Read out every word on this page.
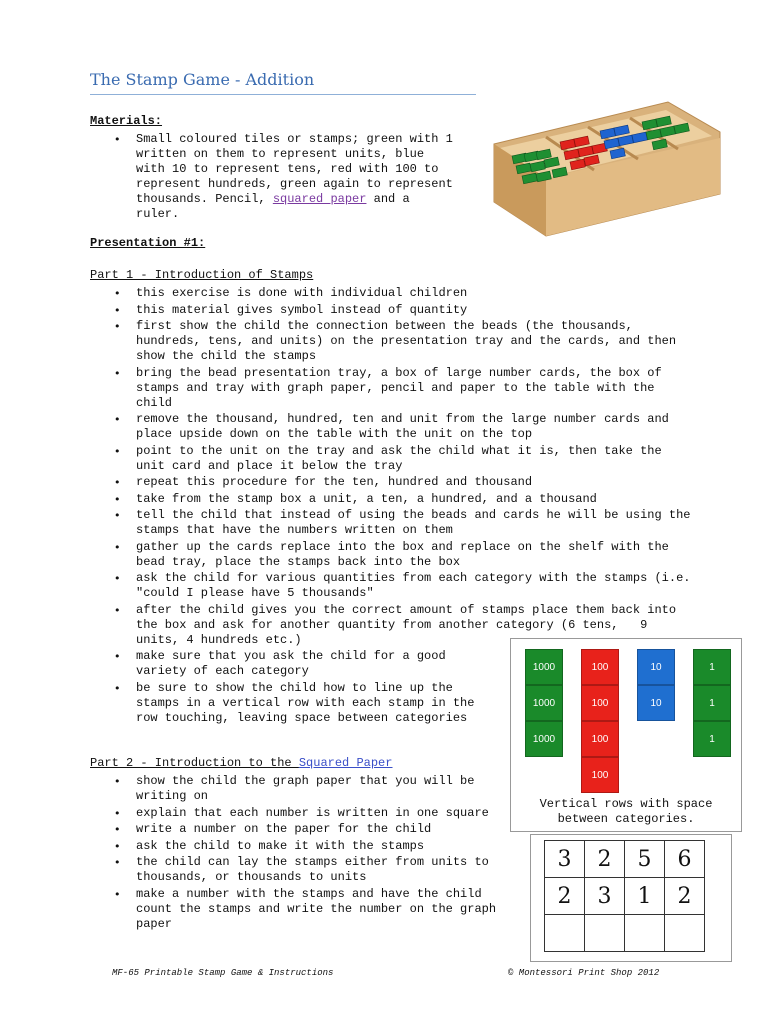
The Stamp Game - Addition
Materials:
• Small coloured tiles or stamps; green with 1
written on them to represent units, blue
with 10 to represent tens, red with 100 to
represent hundreds, green again to represent
thousands. Pencil, squared paper and a
ruler.
Presentation #1:
Part 1 - Introduction of Stamps
• this exercise is done with individual children
• this material gives symbol instead of quantity
• first show the child the connection between the beads (the thousands,
hundreds, tens, and units) on the presentation tray and the cards, and then
show the child the stamps
• bring the bead presentation tray, a box of large number cards, the box of
stamps and tray with graph paper, pencil and paper to the table with the
child
• remove the thousand, hundred, ten and unit from the large number cards and
place upside down on the table with the unit on the top
• point to the unit on the tray and ask the child what it is, then take the
unit card and place it below the tray
• repeat this procedure for the ten, hundred and thousand
• take from the stamp box a unit, a ten, a hundred, and a thousand
• tell the child that instead of using the beads and cards he will be using the
stamps that have the numbers written on them
• gather up the cards replace into the box and replace on the shelf with the
bead tray, place the stamps back into the box
• ask the child for various quantities from each category with the stamps (i.e.
"could I please have 5 thousands"
• after the child gives you the correct amount of stamps place them back into
the box and ask for another quantity from another category (6 tens,   9
units, 4 hundreds etc.)
• make sure that you ask the child for a good
variety of each category
• be sure to show the child how to line up the
stamps in a vertical row with each stamp in the
row touching, leaving space between categories
Part 2 - Introduction to the Squared Paper
• show the child the graph paper that you will be
writing on
• explain that each number is written in one square
• write a number on the paper for the child
• ask the child to make it with the stamps
• the child can lay the stamps either from units to
thousands, or thousands to units
• make a number with the stamps and have the child
count the stamps and write the number on the graph
paper
1000
1000
1000
100
100
100
100
10
10
1
1
1
Vertical rows with space
between categories.
3	2	5	6
2	3	1	2

MF-65 Printable Stamp Game & Instructions	© Montessori Print Shop 2012
